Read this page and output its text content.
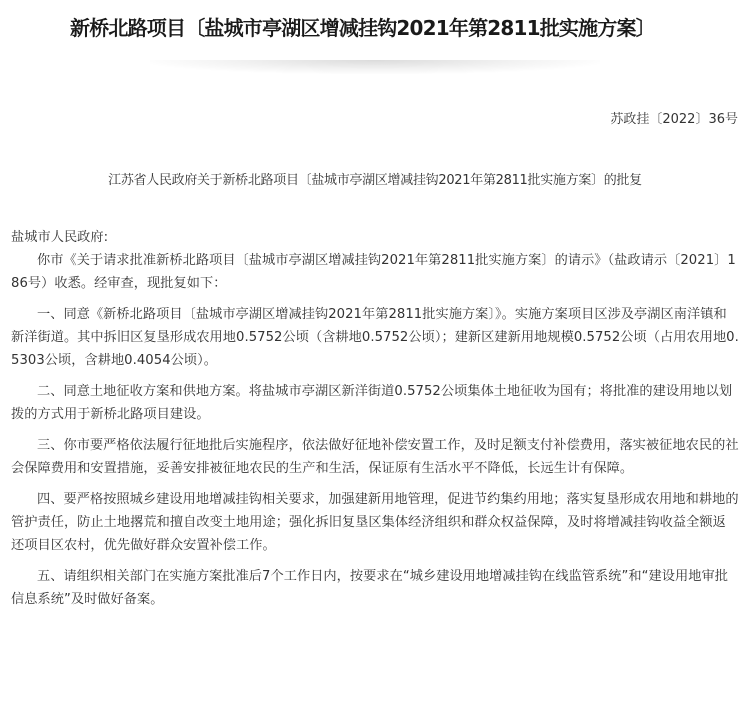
新桥北路项目〔盐城市亭湖区增减挂钩2021年第2811批实施方案〕
苏政挂〔2022〕36号
江苏省人民政府关于新桥北路项目〔盐城市亭湖区增减挂钩2021年第2811批实施方案〕的批复

盐城市人民政府:

你市《关于请求批准新桥北路项目〔盐城市亭湖区增减挂钩2021年第2811批实施方案〕的请示》（盐政请示〔2021〕186号）收悉。经审查，现批复如下：

一、同意《新桥北路项目〔盐城市亭湖区增减挂钩2021年第2811批实施方案〕》。实施方案项目区涉及亭湖区南洋镇和新洋街道。其中拆旧区复垦形成农用地0.5752公顷（含耕地0.5752公顷）；建新区建新用地规模0.5752公顷（占用农用地0.5303公顷，含耕地0.4054公顷）。

二、同意土地征收方案和供地方案。将盐城市亭湖区新洋街道0.5752公顷集体土地征收为国有；将批准的建设用地以划拨的方式用于新桥北路项目建设。

三、你市要严格依法履行征地批后实施程序，依法做好征地补偿安置工作，及时足额支付补偿费用，落实被征地农民的社会保障费用和安置措施，妥善安排被征地农民的生产和生活，保证原有生活水平不降低，长远生计有保障。

四、要严格按照城乡建设用地增减挂钩相关要求，加强建新用地管理，促进节约集约用地；落实复垦形成农用地和耕地的管护责任，防止土地撂荒和擅自改变土地用途；强化拆旧复垦区集体经济组织和群众权益保障，及时将增减挂钩收益全额返还项目区农村，优先做好群众安置补偿工作。

五、请组织相关部门在实施方案批准后7个工作日内，按要求在“城乡建设用地增减挂钩在线监管系统”和“建设用地审批信息系统”及时做好备案。
